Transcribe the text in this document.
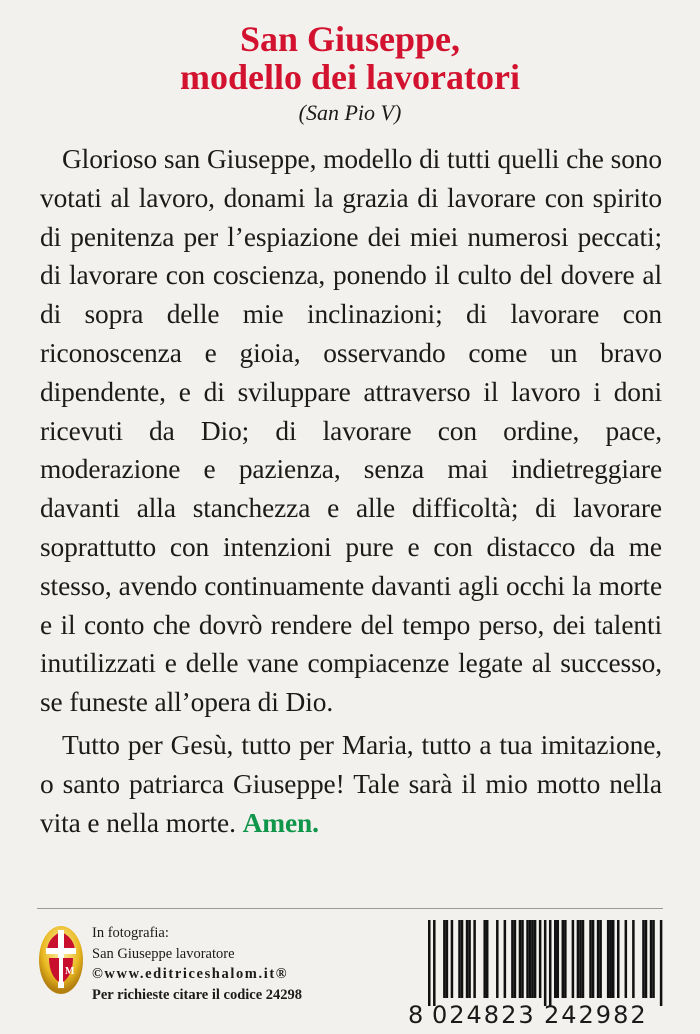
San Giuseppe,
modello dei lavoratori

(San Pio V)

Glorioso san Giuseppe, modello di tutti quelli che sono votati al lavoro, donami la grazia di lavorare con spirito di penitenza per l’espiazione dei miei numerosi peccati; di lavorare con coscienza, ponendo il culto del dovere al di sopra delle mie inclinazioni; di lavorare con riconoscenza e gioia, osservando come un bravo dipendente, e di sviluppare attraverso il lavoro i doni ricevuti da Dio; di lavorare con ordine, pace, moderazione e pazienza, senza mai indietreggiare davanti alla stanchezza e alle difficoltà; di lavorare soprattutto con intenzioni pure e con distacco da me stesso, avendo continuamente davanti agli occhi la morte e il conto che dovrò rendere del tempo perso, dei talenti inutilizzati e delle vane compiacenze legate al successo, se funeste all’opera di Dio.

Tutto per Gesù, tutto per Maria, tutto a tua imitazione, o santo patriarca Giuseppe! Tale sarà il mio motto nella vita e nella morte. Amen.

M
In fotografia:
San Giuseppe lavoratore
©www.editriceshalom.it®
Per richieste citare il codice 24298
8 024823 242982
